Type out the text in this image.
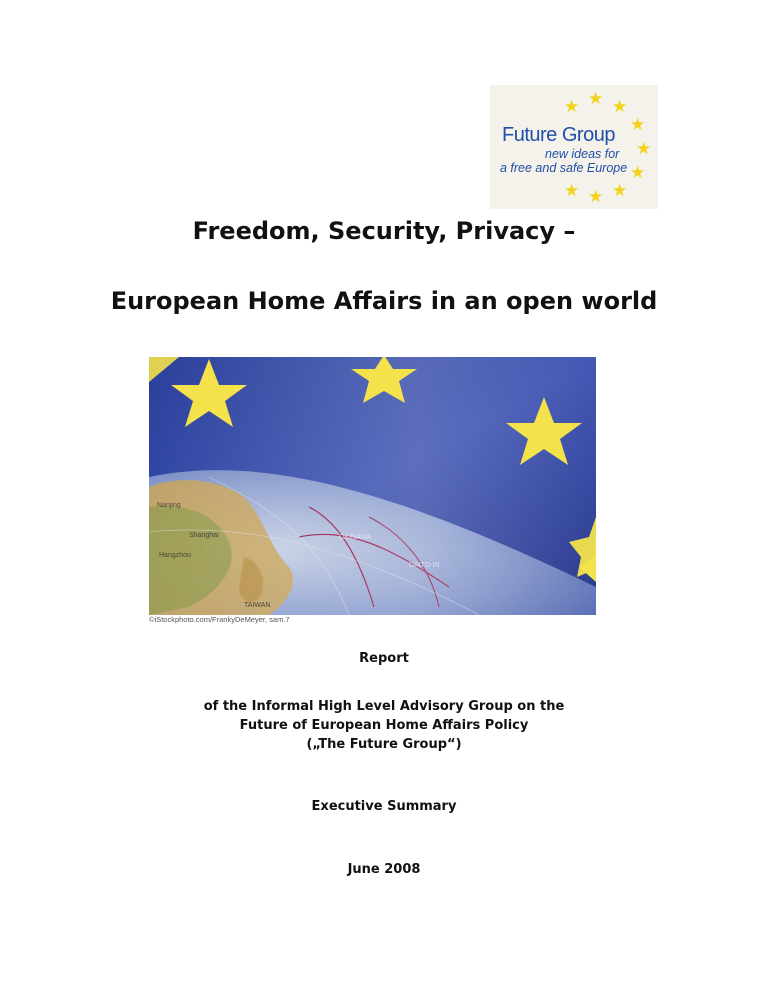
★ ★ ★
★
★
★
★
★
★
Future Group
new ideas for
a free and safe Europe
Freedom, Security, Privacy –
European Home Affairs in an open world
Nanjing
Shanghai
Hangzhou
OKINAWA
DAITO-IN
TAIWAN
©iStockphoto.com/FrankyDeMeyer, sam.7
Report
of the Informal High Level Advisory Group on the
Future of European Home Affairs Policy
(„The Future Group“)
Executive Summary
June 2008
